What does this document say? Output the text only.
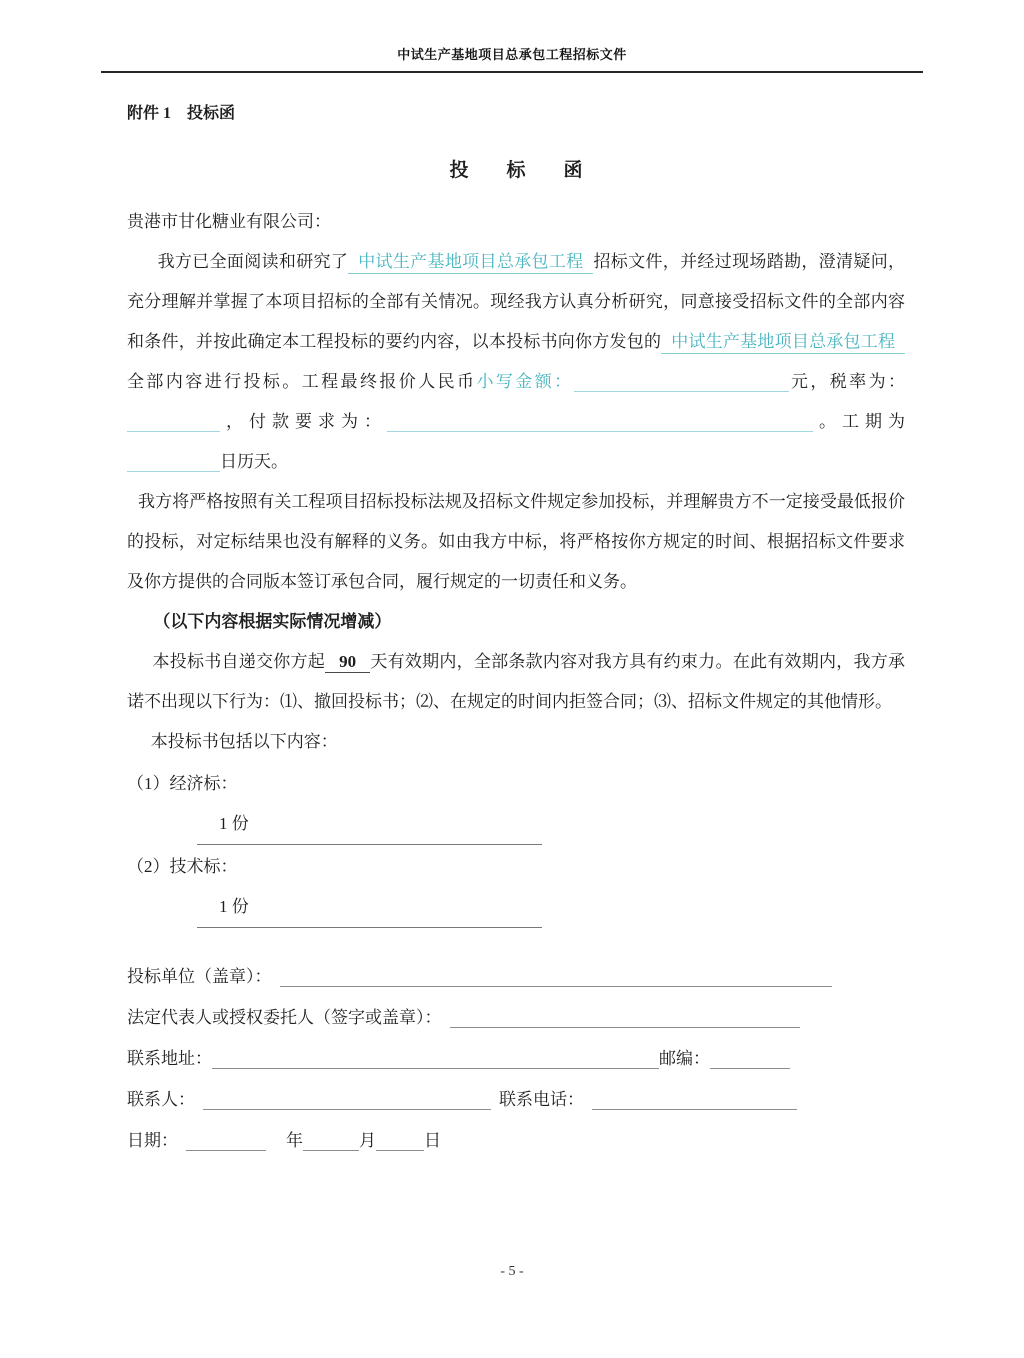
中试生产基地项目总承包工程招标文件
附件 1　投标函
投　　标　　函
贵港市甘化糖业有限公司：

我方已全面阅读和研究了 中试生产基地项目总承包工程 招标文件，并经过现场踏勘，澄清疑问，充分理解并掌握了本项目招标的全部有关情况。现经我方认真分析研究，同意接受招标文件的全部内容和条件，并按此确定本工程投标的要约内容，以本投标书向你方发包的 中试生产基地项目总承包工程全部内容进行投标。工程最终报价人民币小写金额：	元，税率为：，付款要求为：	。工期为日历天。

我方将严格按照有关工程项目招标投标法规及招标文件规定参加投标，并理解贵方不一定接受最低报价的投标，对定标结果也没有解释的义务。如由我方中标，将严格按你方规定的时间、根据招标文件要求及你方提供的合同版本签订承包合同，履行规定的一切责任和义务。

（以下内容根据实际情况增减）

本投标书自递交你方起 90 天有效期内，全部条款内容对我方具有约束力。在此有效期内，我方承诺不出现以下行为：⑴、撤回投标书；⑵、在规定的时间内拒签合同；⑶、招标文件规定的其他情形。

本投标书包括以下内容：

（1）经济标：

1 份

（2）技术标：

1 份

投标单位（盖章）：
法定代表人或授权委托人（签字或盖章）：
联系地址：	邮编：
联系人：	联系电话：
日期：	年	月	日
- 5 -
